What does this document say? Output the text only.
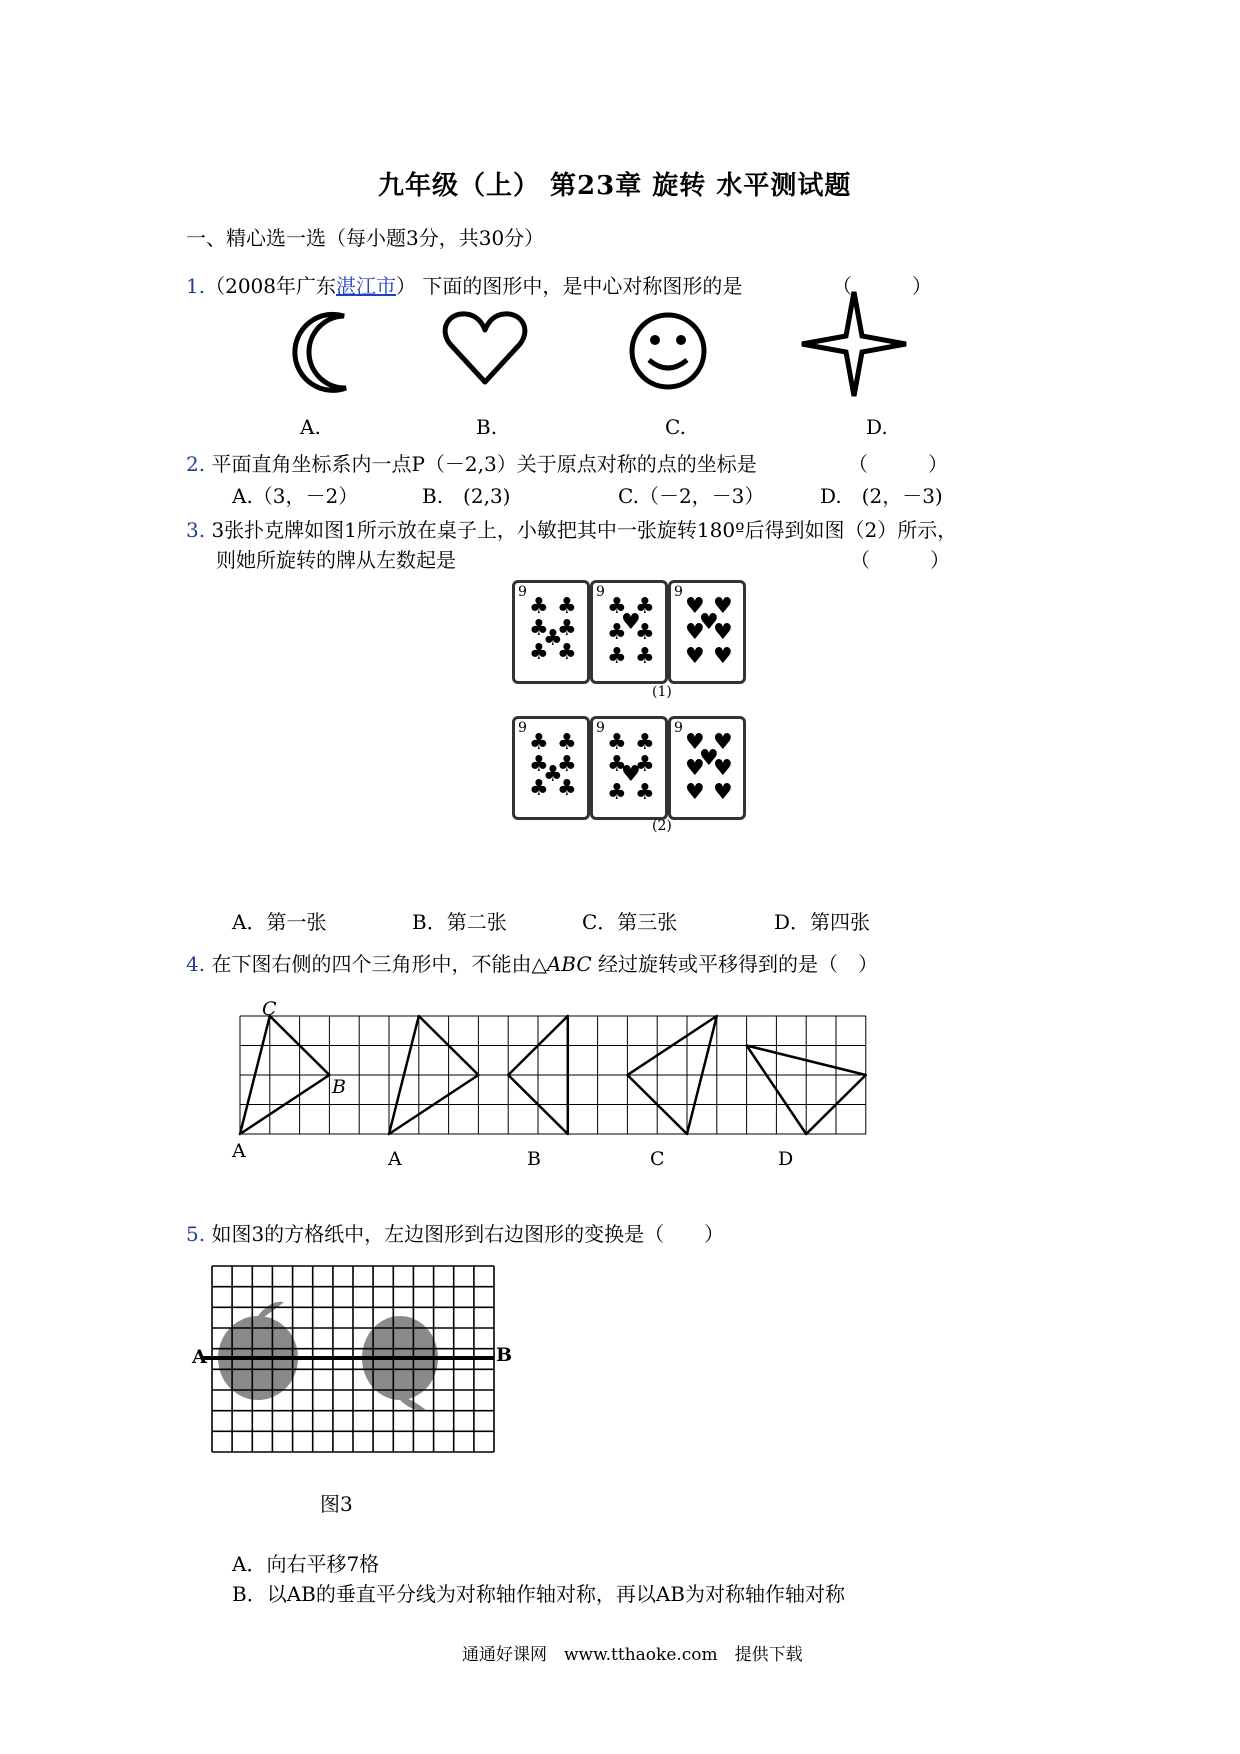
九年级（上） 第23章 旋转 水平测试题
一、精心选一选（每小题3分，共30分）
1.（2008年广东湛江市） 下面的图形中，是中心对称图形的是	（　　　）
A.	B.	C.	D.
2. 平面直角坐标系内一点P（－2,3）关于原点对称的点的坐标是	（　　　）
A.（3，－2）	B.　(2,3)	C.（－2，－3）	D.　(2，－3)
3. 3张扑克牌如图1所示放在桌子上，小敏把其中一张旋转180º后得到如图（2）所示，
则她所旋转的牌从左数起是	（　　　）
9
♣ ♣
♣ ♣
♣
♣ ♣
9
♣ ♣
♥
♣ ♣
♣ ♣
9
♥ ♥
♥
♥ ♥
♥ ♥
(1)
9
♣ ♣
♣ ♣
♣
♣ ♣
9
♣ ♣
♣ ♣
♥
♣ ♣
9
♥ ♥
♥
♥ ♥
♥ ♥
(2)
A．第一张	B．第二张	C．第三张	D．第四张
4. 在下图右侧的四个三角形中，不能由△ABC 经过旋转或平移得到的是（　）
C
B
A	A	B	C	D
5. 如图3的方格纸中，左边图形到右边图形的变换是（　　）
A	B
图3
A．向右平移7格
B．以AB的垂直平分线为对称轴作轴对称，再以AB为对称轴作轴对称
通通好课网　www.tthaoke.com　提供下载
